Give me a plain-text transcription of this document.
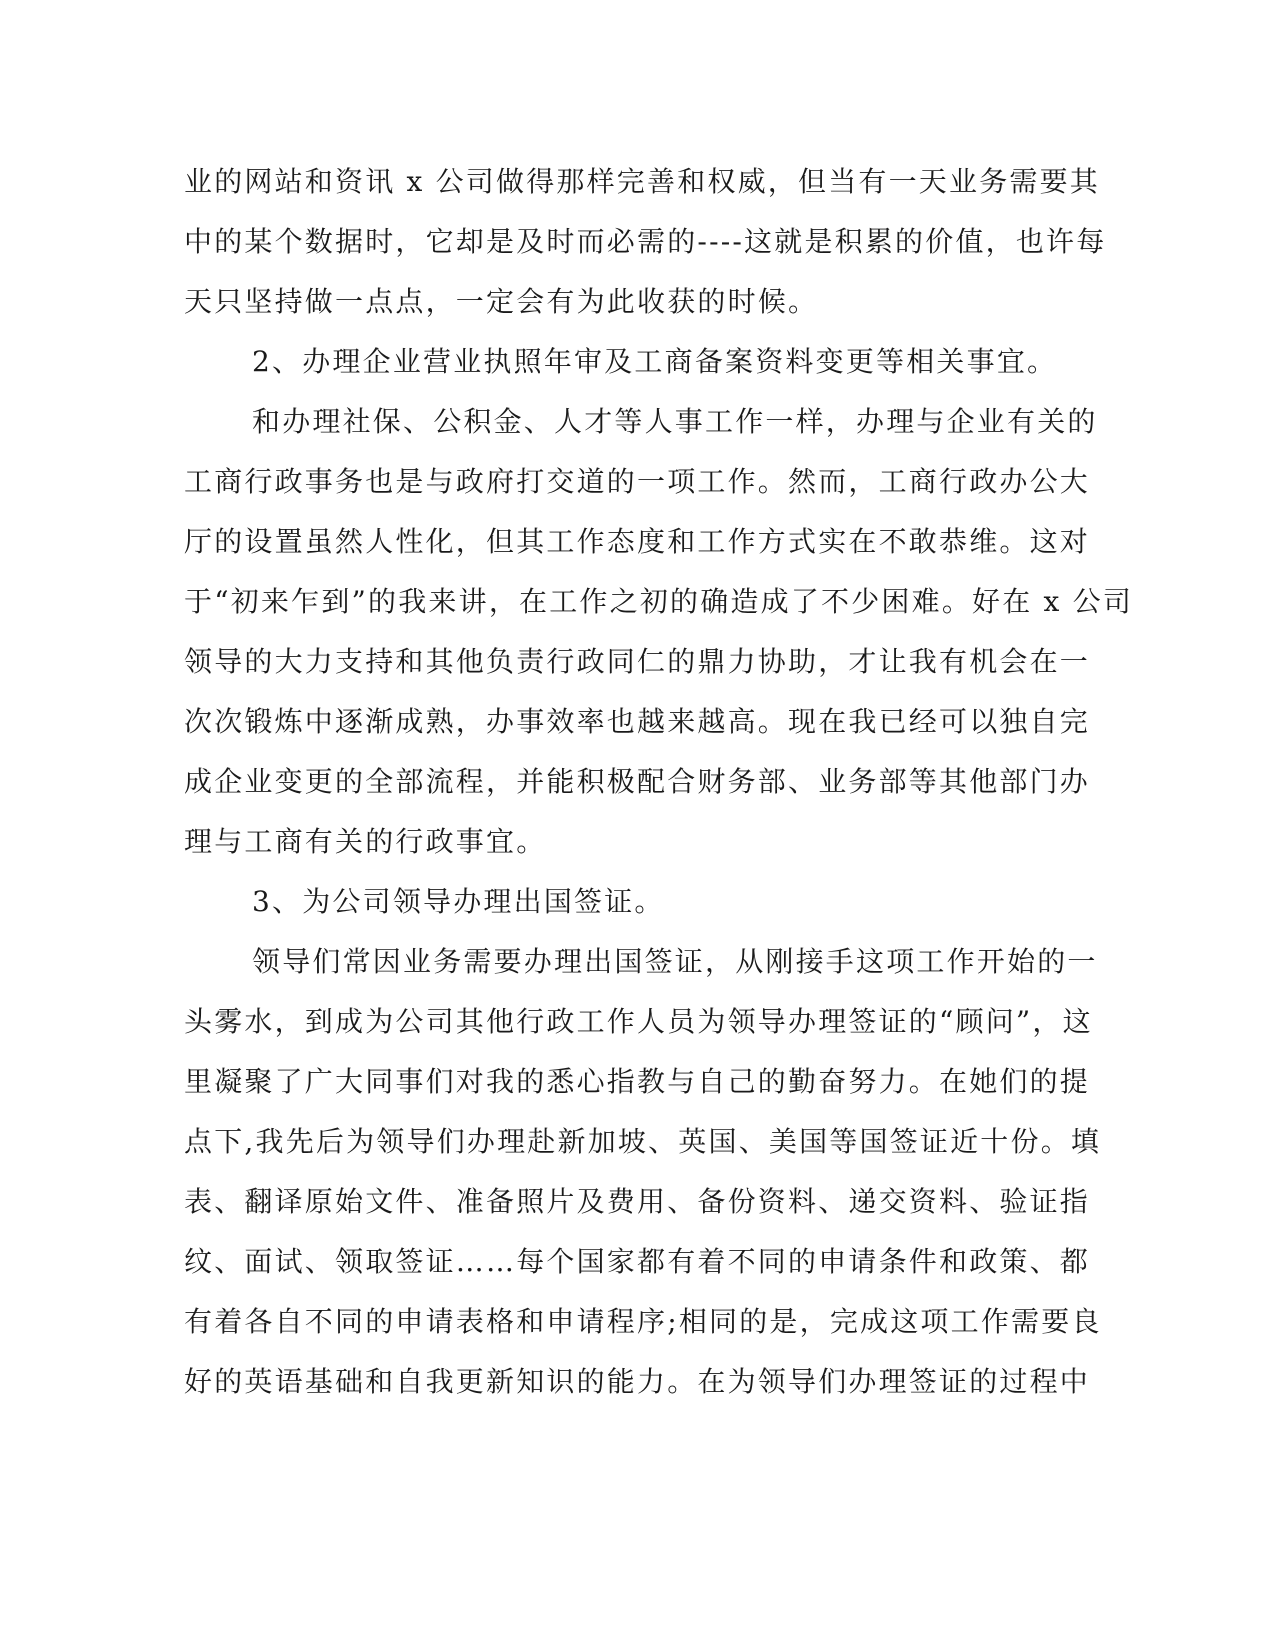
业的网站和资讯 x 公司做得那样完善和权威，但当有一天业务需要其
中的某个数据时，它却是及时而必需的----这就是积累的价值，也许每
天只坚持做一点点，一定会有为此收获的时候。
2、办理企业营业执照年审及工商备案资料变更等相关事宜。
和办理社保、公积金、人才等人事工作一样，办理与企业有关的
工商行政事务也是与政府打交道的一项工作。然而，工商行政办公大
厅的设置虽然人性化，但其工作态度和工作方式实在不敢恭维。这对
于“初来乍到”的我来讲，在工作之初的确造成了不少困难。好在 x 公司
领导的大力支持和其他负责行政同仁的鼎力协助，才让我有机会在一
次次锻炼中逐渐成熟，办事效率也越来越高。现在我已经可以独自完
成企业变更的全部流程，并能积极配合财务部、业务部等其他部门办
理与工商有关的行政事宜。
3、为公司领导办理出国签证。
领导们常因业务需要办理出国签证，从刚接手这项工作开始的一
头雾水，到成为公司其他行政工作人员为领导办理签证的“顾问”，这
里凝聚了广大同事们对我的悉心指教与自己的勤奋努力。在她们的提
点下,我先后为领导们办理赴新加坡、英国、美国等国签证近十份。填
表、翻译原始文件、准备照片及费用、备份资料、递交资料、验证指
纹、面试、领取签证……每个国家都有着不同的申请条件和政策、都
有着各自不同的申请表格和申请程序;相同的是，完成这项工作需要良
好的英语基础和自我更新知识的能力。在为领导们办理签证的过程中
